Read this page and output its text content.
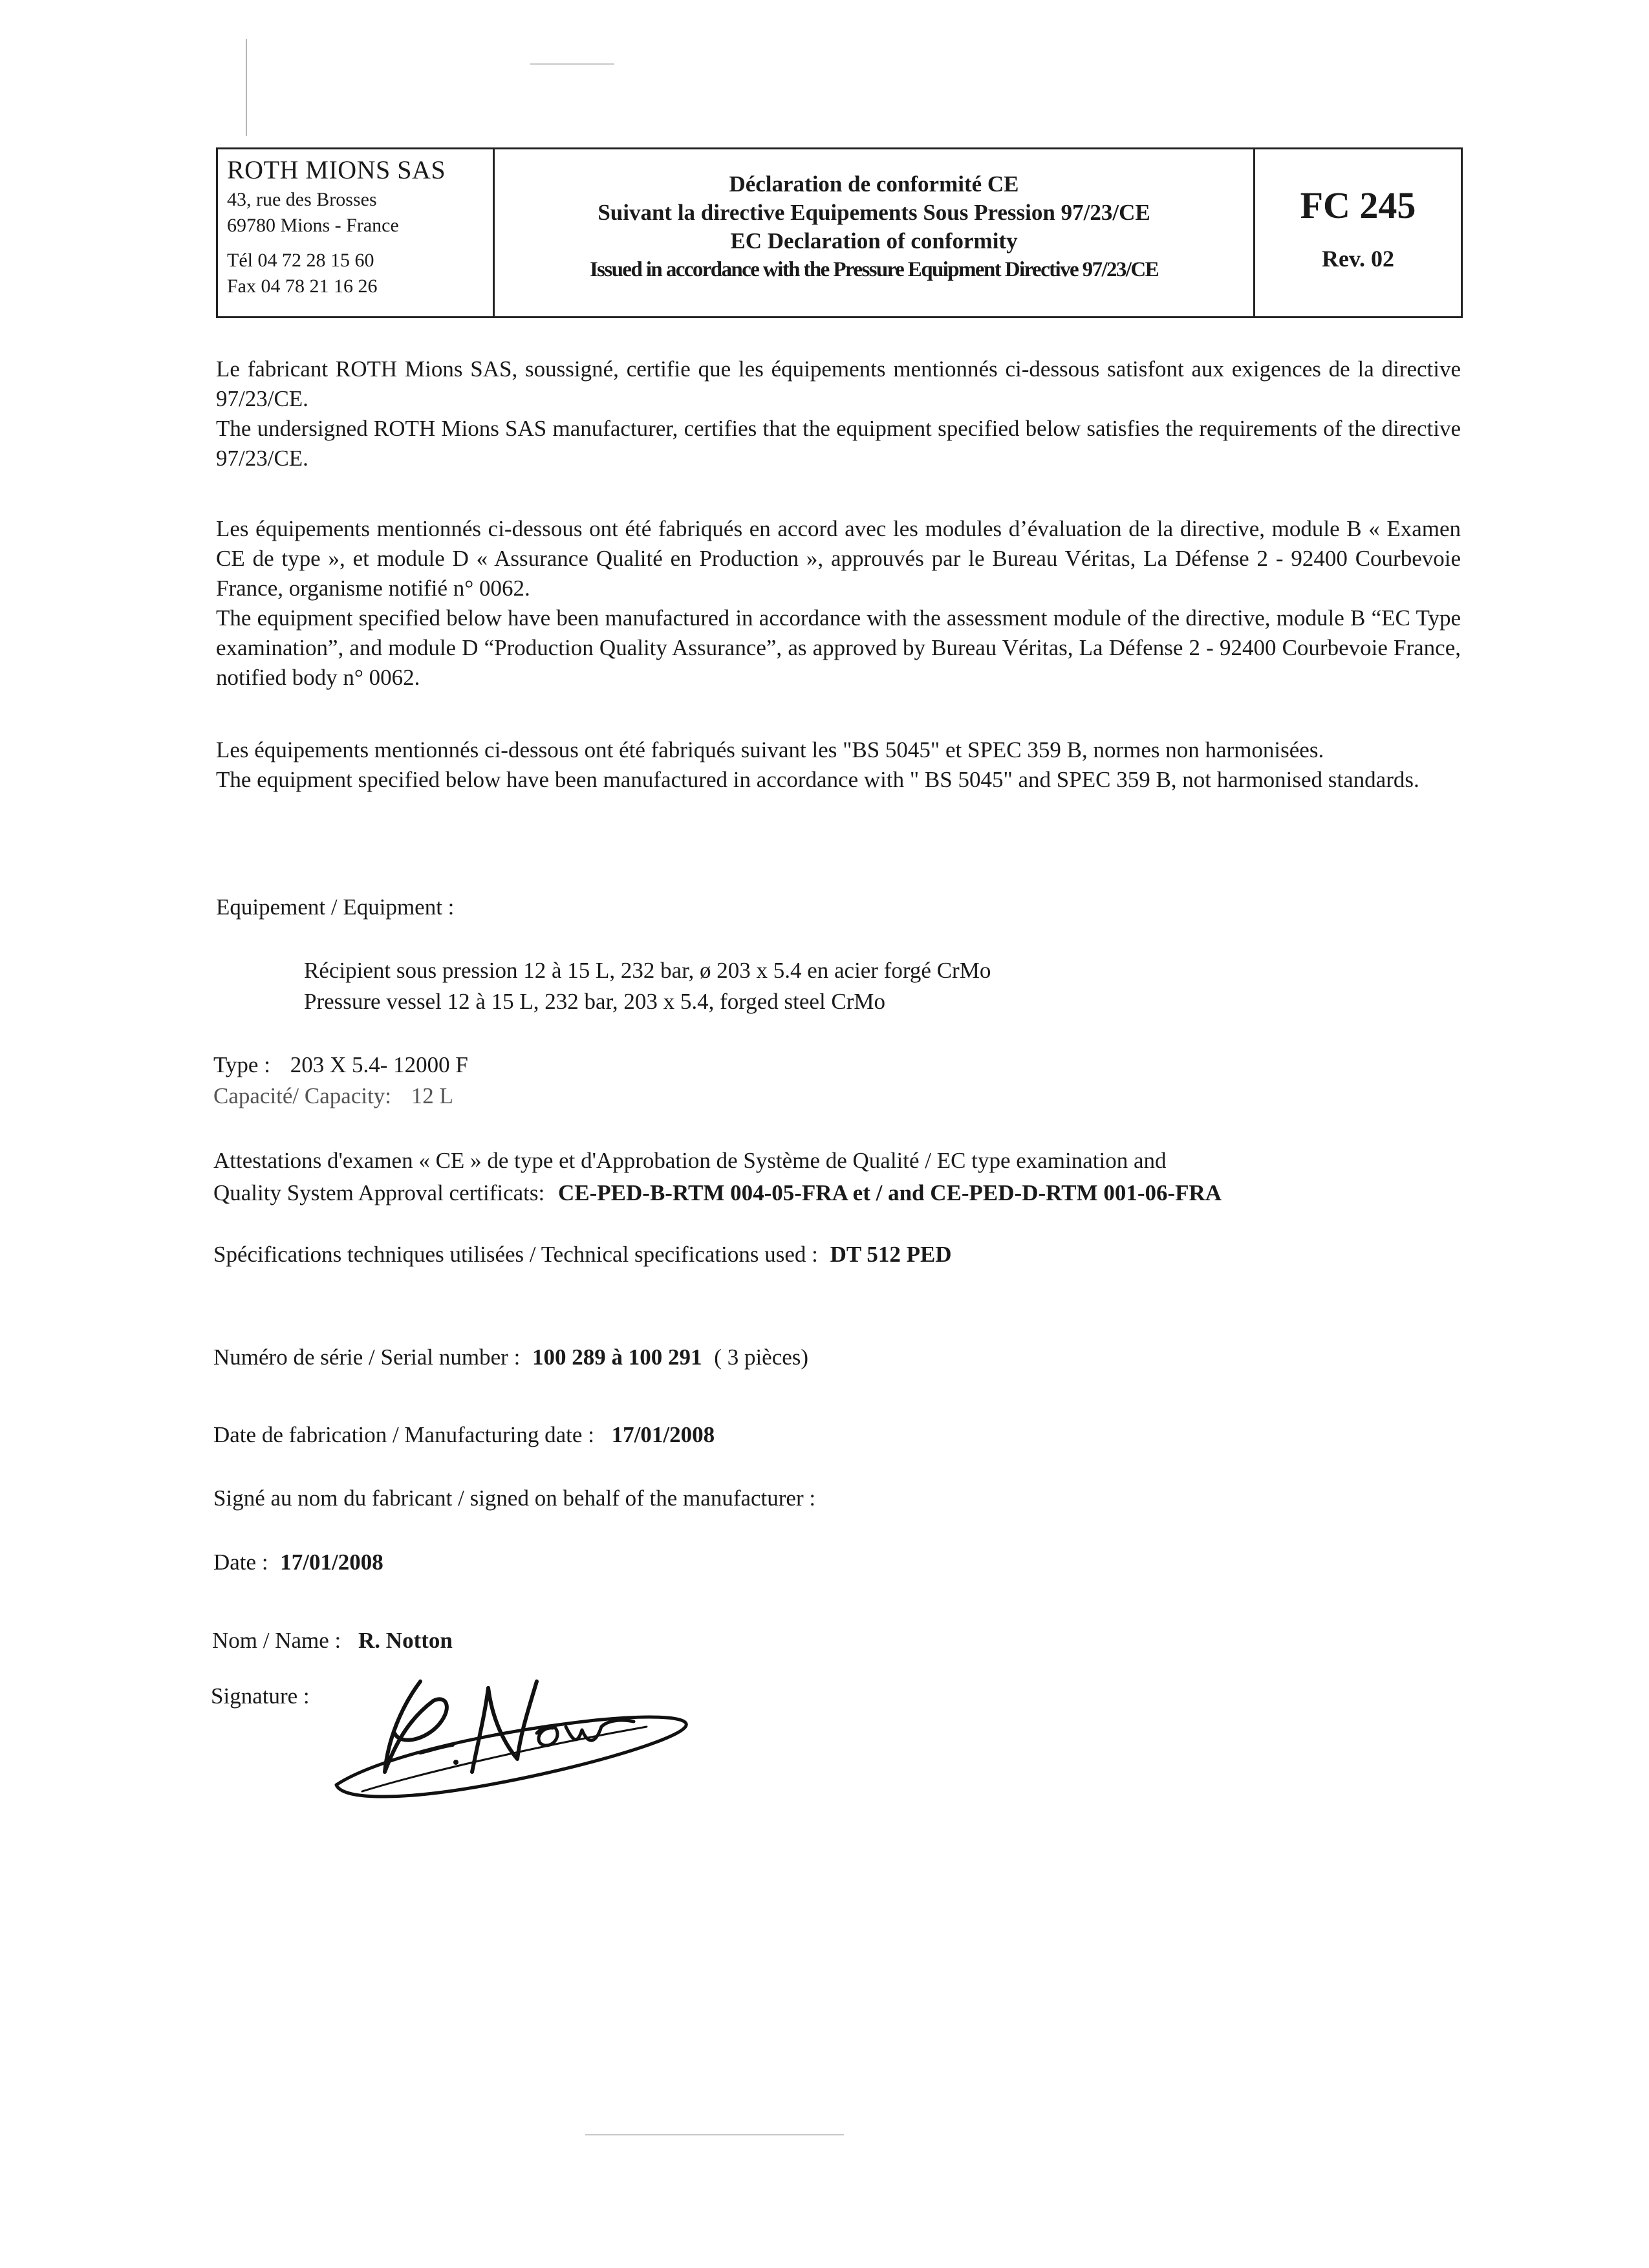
ROTH MIONS SAS
43, rue des Brosses
69780 Mions - France
Tél 04 72 28 15 60
Fax 04 78 21 16 26
Déclaration de conformité CE
Suivant la directive Equipements Sous Pression 97/23/CE
EC Declaration of conformity
Issued in accordance with the Pressure Equipment Directive 97/23/CE
FC 245
Rev. 02

Le fabricant ROTH Mions SAS, soussigné, certifie que les équipements mentionnés ci-dessous satisfont aux exigences de la directive 97/23/CE.

The undersigned ROTH Mions SAS manufacturer, certifies that the equipment specified below satisfies the requirements of the directive 97/23/CE.

Les équipements mentionnés ci-dessous ont été fabriqués en accord avec les modules d’évaluation de la directive, module B « Examen CE de type », et module D « Assurance Qualité en Production », approuvés par le Bureau Véritas, La Défense 2 - 92400 Courbevoie France, organisme notifié n° 0062.

The equipment specified below have been manufactured in accordance with the assessment module of the directive, module B “EC Type examination”, and module D “Production Quality Assurance”, as approved by Bureau Véritas, La Défense 2 - 92400 Courbevoie France, notified body n° 0062.

Les équipements mentionnés ci-dessous ont été fabriqués suivant les "BS 5045" et SPEC 359 B, normes non harmonisées.

The equipment specified below have been manufactured in accordance with " BS 5045" and SPEC 359 B, not harmonised standards.

Equipement / Equipment :
Récipient sous pression 12 à 15 L, 232 bar, ø 203 x 5.4 en acier forgé CrMo
Pressure vessel 12 à 15 L, 232 bar, 203 x 5.4, forged steel CrMo
Type : 203 X 5.4- 12000 F
Capacité/ Capacity: 12 L
Attestations d'examen « CE » de type et d'Approbation de Système de Qualité / EC type examination and
Quality System Approval certificats: CE-PED-B-RTM 004-05-FRA et / and CE-PED-D-RTM 001-06-FRA
Spécifications techniques utilisées / Technical specifications used : DT 512 PED
Numéro de série / Serial number : 100 289 à 100 291 ( 3 pièces)
Date de fabrication / Manufacturing date : 17/01/2008
Signé au nom du fabricant / signed on behalf of the manufacturer :
Date : 17/01/2008
Nom / Name : R. Notton
Signature :
